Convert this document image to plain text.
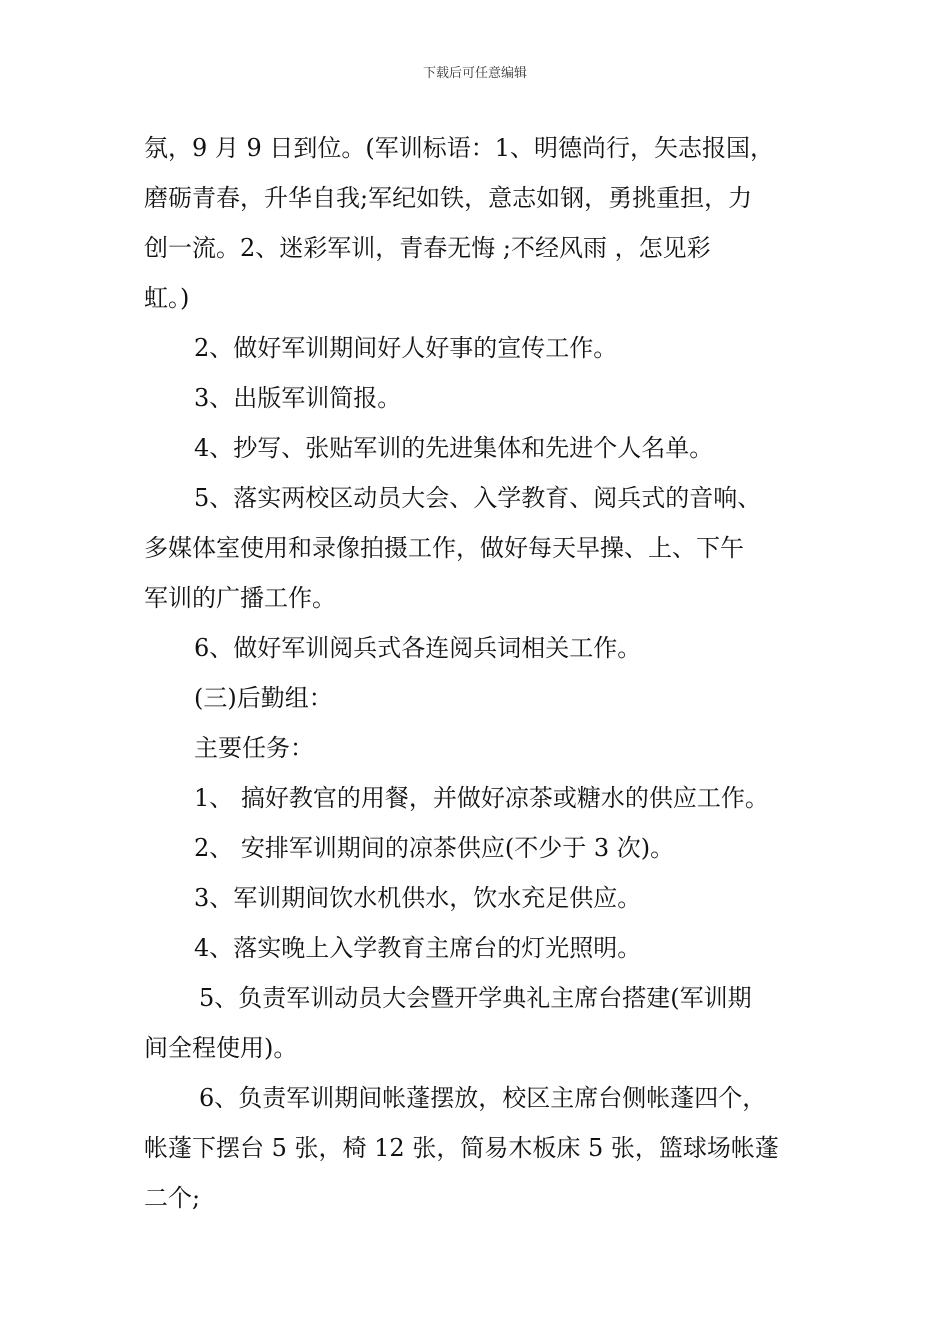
下载后可任意编辑

氛，9 月 9 日到位。(军训标语：1、明德尚行，矢志报国，

磨砺青春，升华自我;军纪如铁，意志如钢，勇挑重担，力

创一流。2、迷彩军训，青春无悔 ;不经风雨 ，怎见彩

虹。)

2、做好军训期间好人好事的宣传工作。

3、出版军训简报。

4、抄写、张贴军训的先进集体和先进个人名单。

5、落实两校区动员大会、入学教育、阅兵式的音响、

多媒体室使用和录像拍摄工作，做好每天早操、上、下午

军训的广播工作。

6、做好军训阅兵式各连阅兵词相关工作。

(三)后勤组：

主要任务：

1、 搞好教官的用餐，并做好凉茶或糖水的供应工作。

2、 安排军训期间的凉茶供应(不少于 3 次)。

3、军训期间饮水机供水，饮水充足供应。

4、落实晚上入学教育主席台的灯光照明。

5、负责军训动员大会暨开学典礼主席台搭建(军训期

间全程使用)。

6、负责军训期间帐蓬摆放，校区主席台侧帐蓬四个，

帐蓬下摆台 5 张，椅 12 张，简易木板床 5 张，篮球场帐蓬

二个;
